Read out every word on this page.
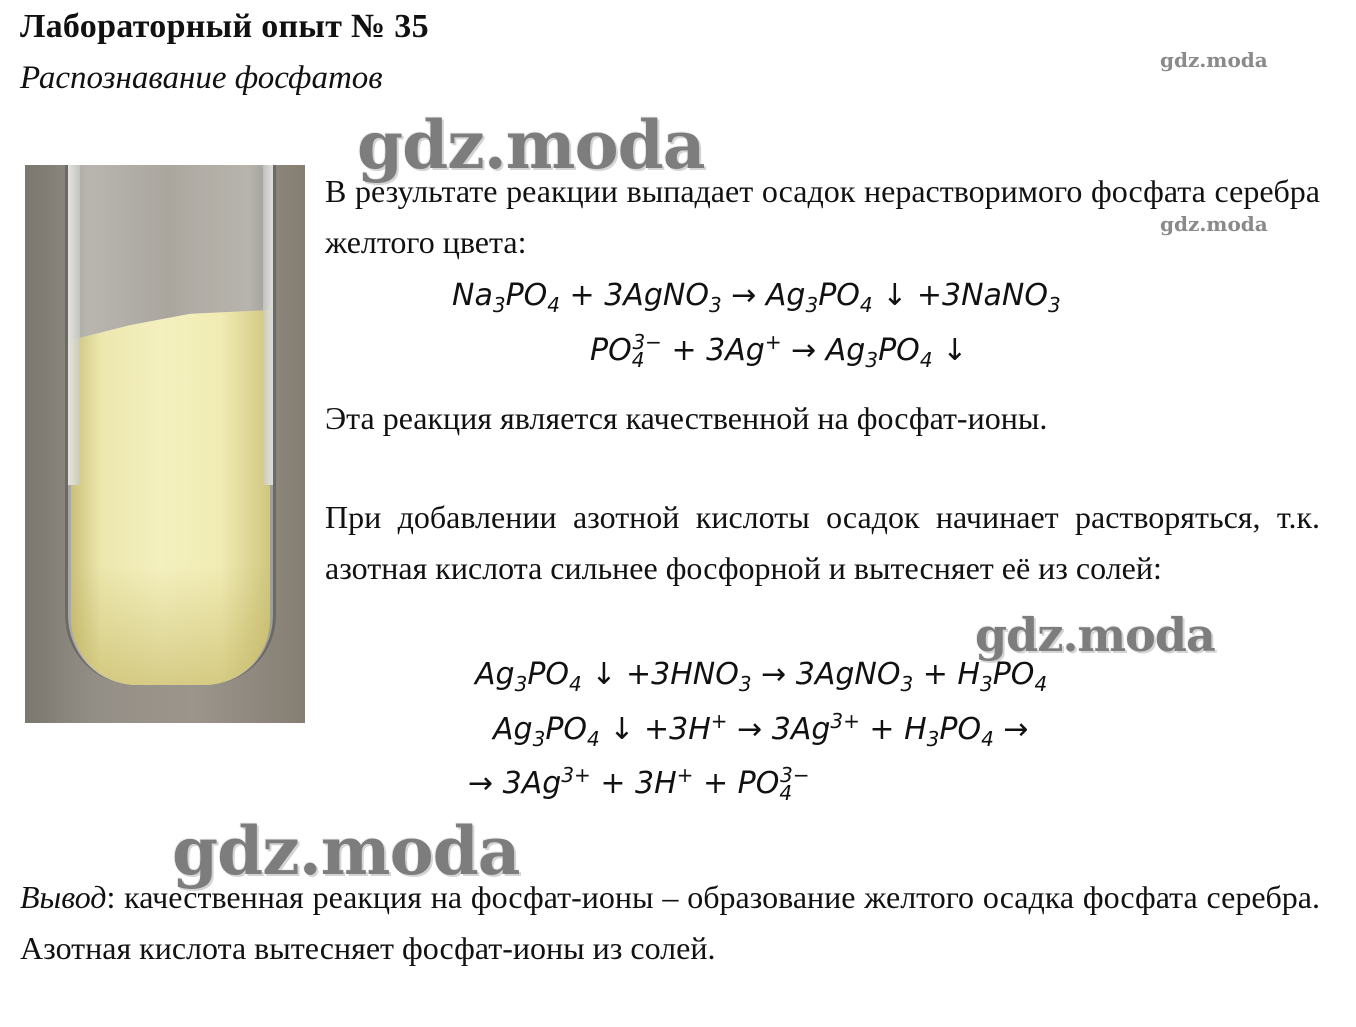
Лабораторный опыт № 35
Распознавание фосфатов
В результате реакции выпадает осадок нерастворимого фосфата серебра желтого цвета:
$Na_3PO_4$ + 3AgNO$_3$ → $Ag_3PO_4$ ↓ +3NaNO$_3$
$PO_4^{3-} + 3Ag^+ \to Ag_3PO_4$ ↓
Эта реакция является качественной на фосфат-ионы.
При добавлении азотной кислоты осадок начинает растворяться, т.к. азотная кислота сильнее фосфорной и вытесняет её из солей:
$Ag_3PO_4$ ↓ $+3HNO_3$ → 3AgNO$_3$ + $H_3PO_4$
$Ag_3PO_4$ ↓ $+3H^+ \to 3Ag^{3+} + H_3PO_4$ →
→ $3Ag^{3+} + 3H^+ + PO_4^{3-}$
Вывод: качественная реакция на фосфат-ионы – образование желтого осадка фосфата серебра. Азотная кислота вытесняет фосфат-ионы из солей.
gdz.moda
gdz.moda
gdz.moda
gdz.moda
gdz.moda
